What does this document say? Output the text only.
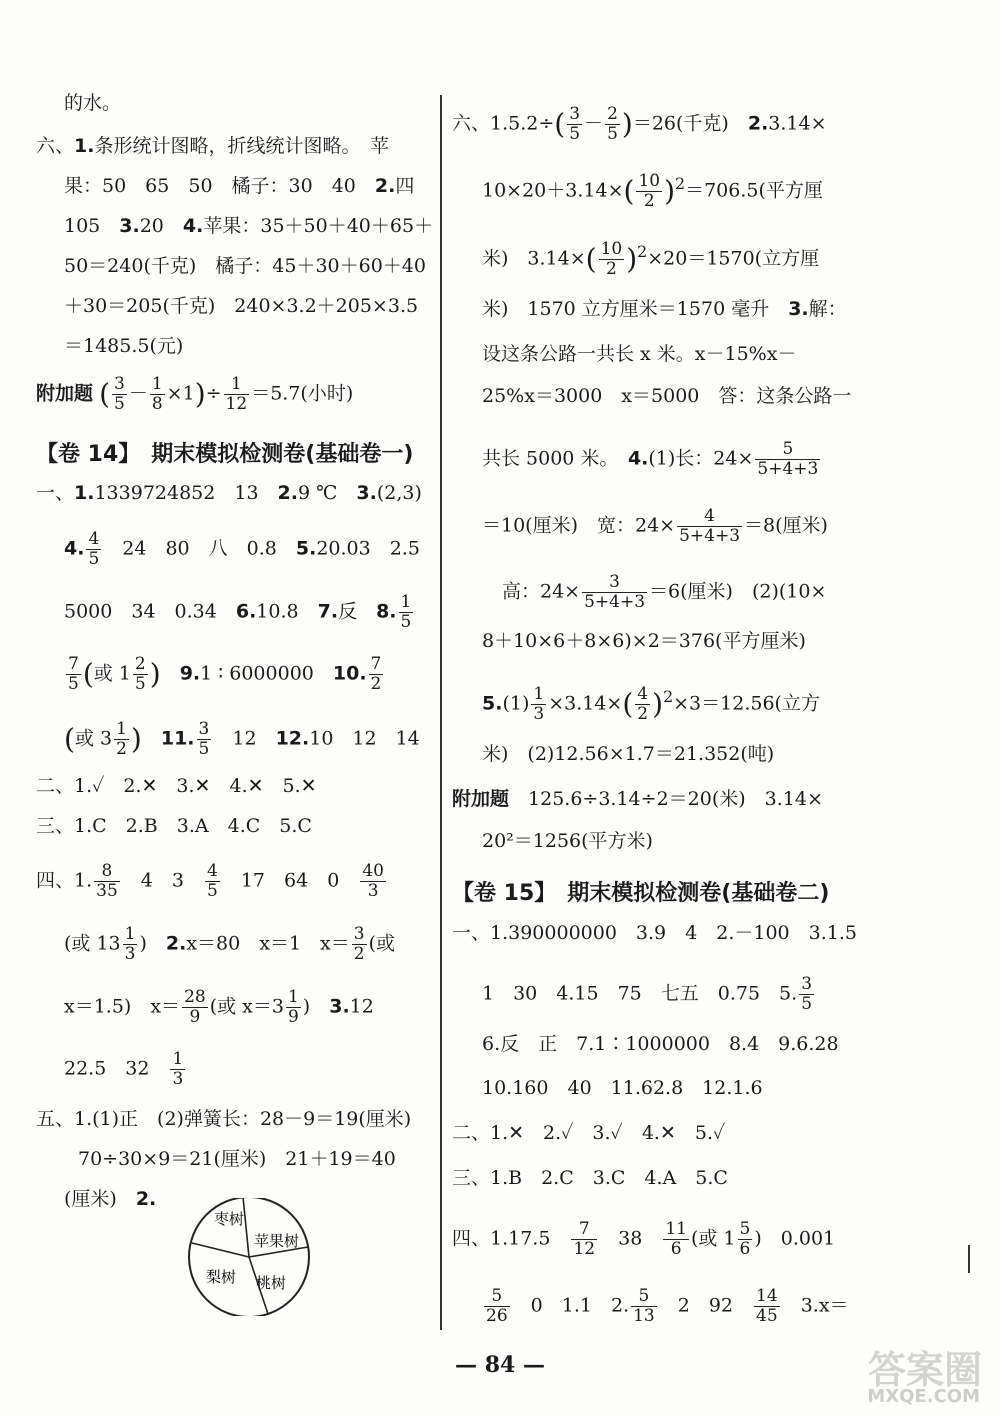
的水。
六、1.条形统计图略，折线统计图略。　苹
果：50　65　50　橘子：30　40　2.四
105　3.20　4.苹果：35＋50＋40＋65＋
50＝240(千克)　橘子：45＋30＋60＋40
＋30＝205(千克)　240×3.2＋205×3.5
＝1485.5(元)
附加题 ( $\frac{3}{5} - \frac{1}{8} \times 1)\div \frac{1}{12} =5.7$(小时)
【卷 14】　期末模拟检测卷(基础卷一)
一、1.1339724852　13　2.9 ℃　3.(2,3)
4. $\frac{4}{5}$
　 24　80　八　0.8　5.20.03　2.5
5000　34　0.34　6.10.8　7.反　8. $\frac{1}{5}$
$\frac{7}{5}$ (或 $1 \frac{2}{5}$ )　 9.1 ∶ 6000000　10. $\frac{7}{2}$
(或 $3 \frac{1}{2}$ )　 11. $\frac{3}{5}$
　 12　12.10　12　14
二、1.✓　2.✕　3.✕　4.✕　5.✕
三、1.C　2.B　3.A　4.C　5.C
四、1. $\frac{8}{35}$
　 4　3　 $\frac{4}{5}$
　 17　64　0　 $\frac{40}{3}$
(或 $13 \frac{1}{3}$ )　2.x＝80　x＝1　$x= \frac{3}{2}$ (或
x＝1.5)　$x= \frac{28}{9}$ (或 $x=3 \frac{1}{9}$ )　3.12
22.5　32　 $\frac{1}{3}$
五、1.(1)正　(2)弹簧长：28－9＝19(厘米)
70÷30×9＝21(厘米)　21＋19＝40
(厘米)　2.
枣树
苹果树
梨树 桃树
六、$1.5.2\div( \frac{3}{5} - \frac{2}{5} )=26$(千克)　2.3.14×
$10\times 20+3.14\times( \frac{10}{2} )^2=706.5$(平方厘
米)　$3.14\times( \frac{10}{2} )^2\times 20=1570$(立方厘
米)　1570 立方厘米＝1570 毫升　3.解：
设这条公路一共长 x 米。x－15%x－
25%x＝3000　x＝5000　答：这条公路一
共长 5000 米。　4.(1)长：$24\times \frac{5}{5+4+3}$
＝10(厘米)　宽：$24\times \frac{4}{5+4+3} =8$(厘米)
高：$24\times \frac{3}{5+4+3} =6$(厘米)　(2)(10×
8＋10×6＋8×6)×2＝376(平方厘米)
$5.(1) \frac{1}{3} \times 3.14\times( \frac{4}{2} )^2\times 3=12.56$(立方
米)　(2)12.56×1.7＝21.352(吨)
附加题　 125.6÷3.14÷2＝20(米)　3.14×
20²＝1256(平方米)
【卷 15】　期末模拟检测卷(基础卷二)
一、1.390000000　3.9　4　2.－100　3.1.5
1　30　4.15　75　七五　0.75　5. $\frac{3}{5}$
6.反　正　7.1∶1000000　8.4　9.6.28
10.160　40　11.62.8　12.1.6
二、1.✕　2.✓　3.✓　4.✕　5.✓
三、1.B　2.C　3.C　4.A　5.C
四、1.17.5　 $\frac{7}{12}$
　 38　 $\frac{11}{6}$ (或 $1 \frac{5}{6}$ )　0.001
$\frac{5}{26}$
　 0　1.1　2. $\frac{5}{13}$
　 2　92　 $\frac{14}{45}$
　 3.x＝
— 84 —	答案圈
MXQE.COM
